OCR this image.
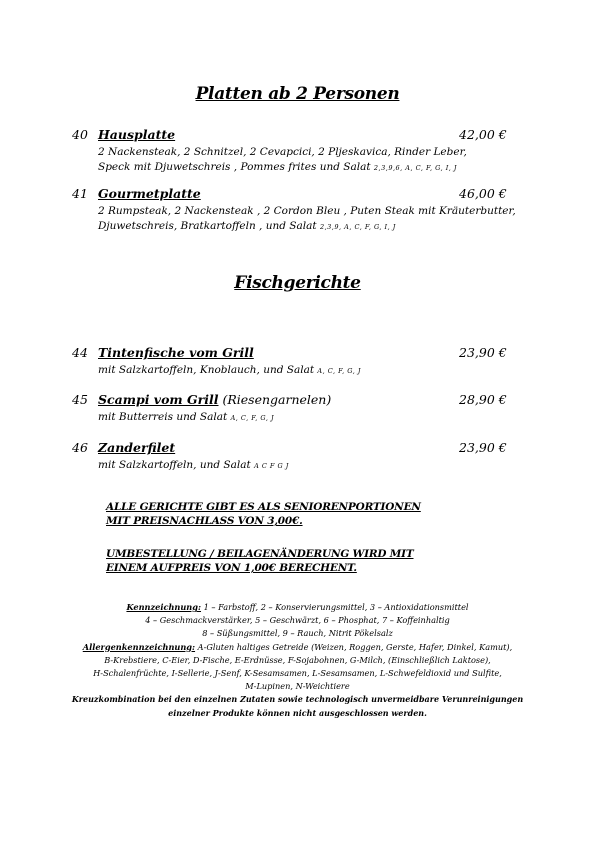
Platten ab 2 Personen
40 Hausplatte	42,00 €
2 Nackensteak, 2 Schnitzel, 2 Cevapcici, 2 Pljeskavica, Rinder Leber,
Speck mit Djuwetschreis , Pommes frites und Salat 2,3,9,6, A, C, F, G, I, J
41 Gourmetplatte	46,00 €
2 Rumpsteak, 2 Nackensteak , 2 Cordon Bleu , Puten Steak mit Kräuterbutter,
Djuwetschreis, Bratkartoffeln , und Salat 2,3,9, A, C, F, G, I, J
Fischgerichte
44 Tintenfische vom Grill	23,90 €
mit Salzkartoffeln, Knoblauch, und Salat A, C, F, G, J
45 Scampi vom Grill (Riesengarnelen)	28,90 €
mit Butterreis und Salat A, C, F, G, J
46 Zanderfilet	23,90 €
mit Salzkartoffeln, und Salat A C F G J
ALLE GERICHTE GIBT ES ALS SENIORENPORTIONEN
MIT PREISNACHLASS VON 3,00€.
UMBESTELLUNG / BEILAGENÄNDERUNG WIRD MIT
EINEM AUFPREIS VON 1,00€ BERECHENT.
Kennzeichnung: 1 – Farbstoff, 2 – Konservierungsmittel, 3 – Antioxidationsmittel
4 – Geschmackverstärker, 5 – Geschwärzt, 6 – Phosphat, 7 – Koffeinhaltig
8 – Süßungsmittel, 9 – Rauch, Nitrit Pökelsalz
Allergenkennzeichnung: A-Gluten haltiges Getreide (Weizen, Roggen, Gerste, Hafer, Dinkel, Kamut),
B-Krebstiere, C-Eier, D-Fische, E-Erdnüsse, F-Sojabohnen, G-Milch, (Einschließlich Laktose),
H-Schalenfrüchte, I-Sellerie, J-Senf, K-Sesamsamen, L-Sesamsamen, L-Schwefeldioxid und Sulfite,
M-Lupinen, N-Weichtiere
Kreuzkombination bei den einzelnen Zutaten sowie technologisch unvermeidbare Verunreinigungen
einzelner Produkte können nicht ausgeschlossen werden.
